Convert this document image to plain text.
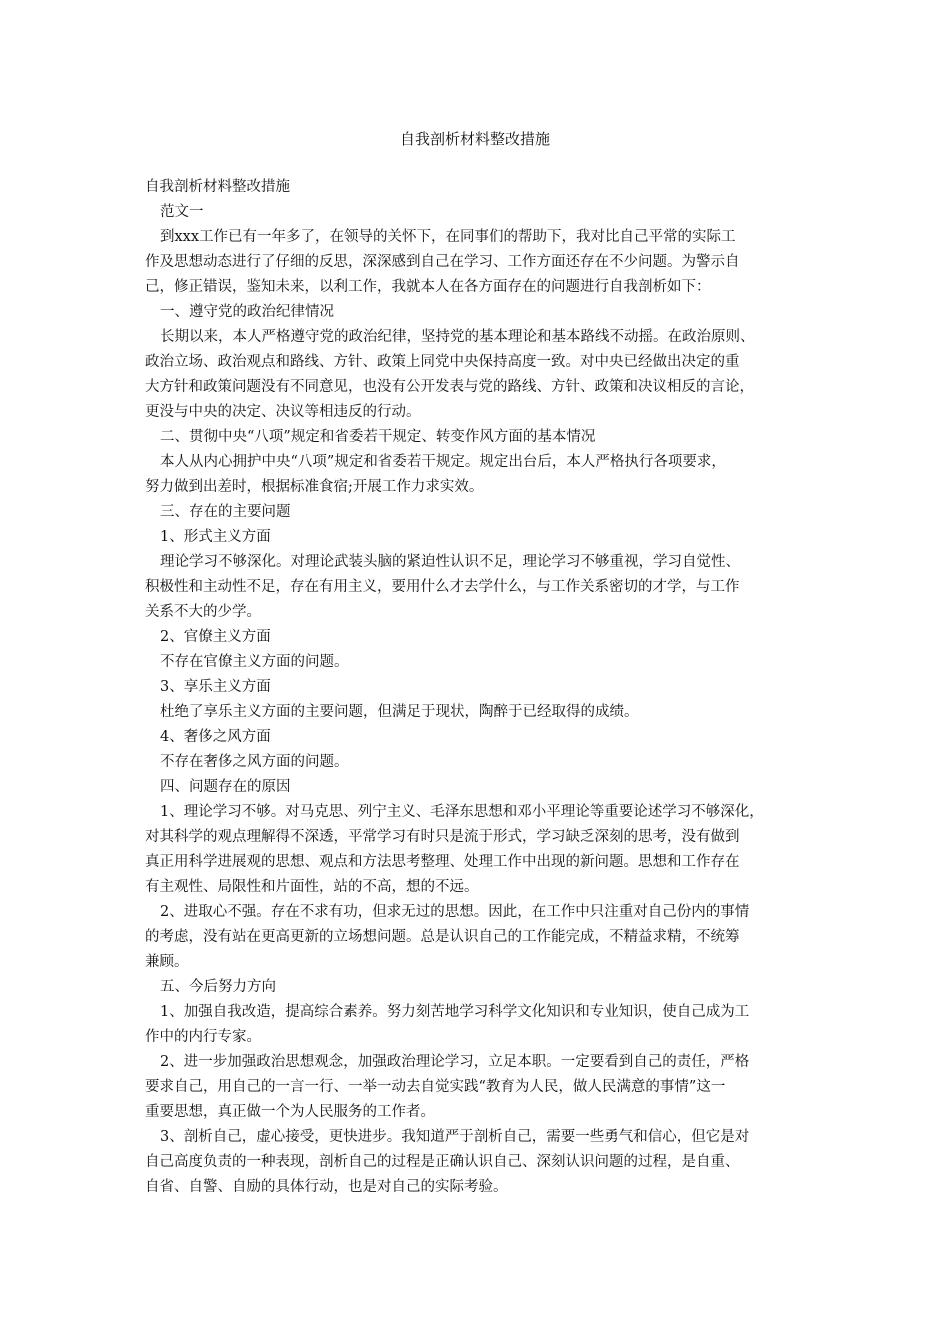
自我剖析材料整改措施
自我剖析材料整改措施
范文一
到xxx工作已有一年多了，在领导的关怀下，在同事们的帮助下，我对比自己平常的实际工
作及思想动态进行了仔细的反思，深深感到自己在学习、工作方面还存在不少问题。为警示自
己，修正错误，鉴知未来，以利工作，我就本人在各方面存在的问题进行自我剖析如下：
一、遵守党的政治纪律情况
长期以来，本人严格遵守党的政治纪律，坚持党的基本理论和基本路线不动摇。在政治原则、
政治立场、政治观点和路线、方针、政策上同党中央保持高度一致。对中央已经做出决定的重
大方针和政策问题没有不同意见，也没有公开发表与党的路线、方针、政策和决议相反的言论，
更没与中央的决定、决议等相违反的行动。
二、贯彻中央“八项”规定和省委若干规定、转变作风方面的基本情况
本人从内心拥护中央“八项”规定和省委若干规定。规定出台后，本人严格执行各项要求，
努力做到出差时，根据标准食宿;开展工作力求实效。
三、存在的主要问题
1、形式主义方面
理论学习不够深化。对理论武装头脑的紧迫性认识不足，理论学习不够重视，学习自觉性、
积极性和主动性不足，存在有用主义，要用什么才去学什么，与工作关系密切的才学，与工作
关系不大的少学。
2、官僚主义方面
不存在官僚主义方面的问题。
3、享乐主义方面
杜绝了享乐主义方面的主要问题，但满足于现状，陶醉于已经取得的成绩。
4、奢侈之风方面
不存在奢侈之风方面的问题。
四、问题存在的原因
1、理论学习不够。对马克思、列宁主义、毛泽东思想和邓小平理论等重要论述学习不够深化，
对其科学的观点理解得不深透，平常学习有时只是流于形式，学习缺乏深刻的思考，没有做到
真正用科学进展观的思想、观点和方法思考整理、处理工作中出现的新问题。思想和工作存在
有主观性、局限性和片面性，站的不高，想的不远。
2、进取心不强。存在不求有功，但求无过的思想。因此，在工作中只注重对自己份内的事情
的考虑，没有站在更高更新的立场想问题。总是认识自己的工作能完成，不精益求精，不统筹
兼顾。
五、今后努力方向
1、加强自我改造，提高综合素养。努力刻苦地学习科学文化知识和专业知识，使自己成为工
作中的内行专家。
2、进一步加强政治思想观念，加强政治理论学习，立足本职。一定要看到自己的责任，严格
要求自己，用自己的一言一行、一举一动去自觉实践“教育为人民，做人民满意的事情”这一
重要思想，真正做一个为人民服务的工作者。
3、剖析自己，虚心接受，更快进步。我知道严于剖析自己，需要一些勇气和信心，但它是对
自己高度负责的一种表现，剖析自己的过程是正确认识自己、深刻认识问题的过程，是自重、
自省、自警、自励的具体行动，也是对自己的实际考验。
